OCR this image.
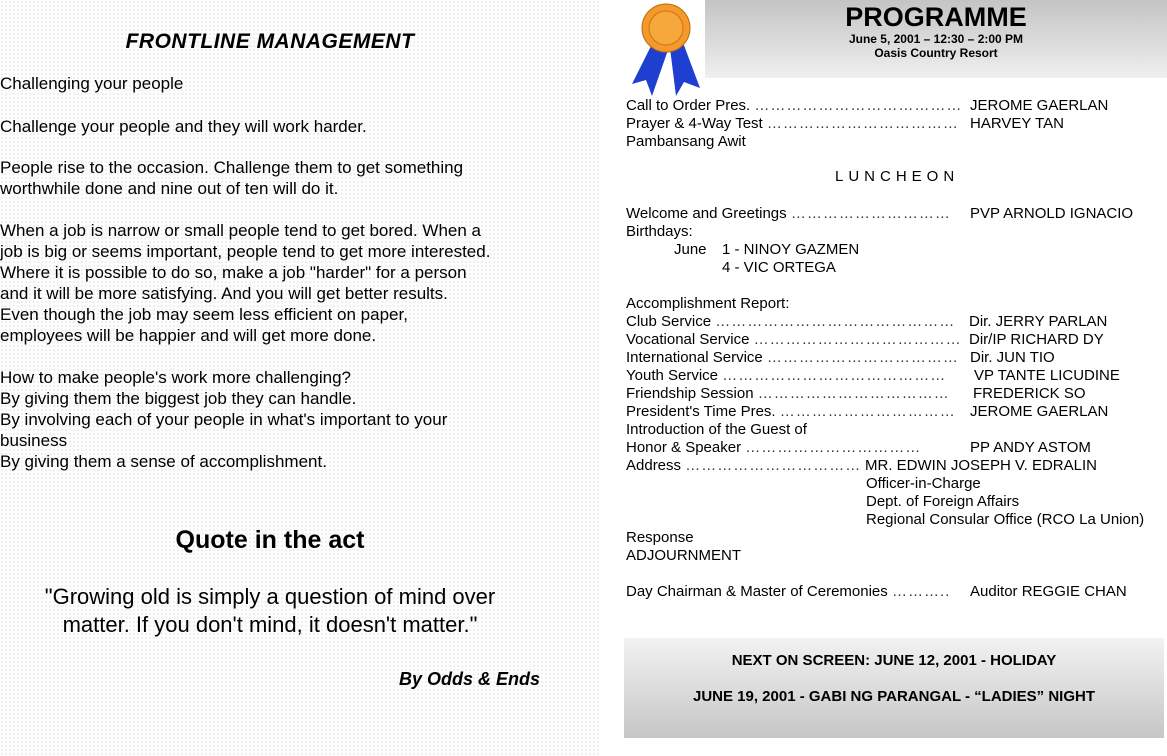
FRONTLINE MANAGEMENT

Challenging your people

Challenge your people and they will work harder.

People rise to the occasion. Challenge them to get something
worthwhile done and nine out of ten will do it.

When a job is narrow or small people tend to get bored. When a
job is big or seems important, people tend to get more interested.
Where it is possible to do so, make a job "harder" for a person
and it will be more satisfying. And you will get better results.
Even though the job may seem less efficient on paper,
employees will be happier and will get more done.

How to make people's work more challenging?
By giving them the biggest job they can handle.
By involving each of your people in what's important to your
business
By giving them a sense of accomplishment.

Quote in the act
"Growing old is simply a question of mind over
matter. If you don't mind, it doesn't matter."
By Odds & Ends
PROGRAMME
June 5, 2001 – 12:30 – 2:00 PM
Oasis Country Resort
Call to Order Pres. ………………………………… JEROME GAERLAN
Prayer & 4-Way Test ……………………………… HARVEY TAN
Pambansang Awit
LUNCHEON
Welcome and Greetings ………………………… PVP ARNOLD IGNACIO
Birthdays:
June 1 - NINOY GAZMEN
4 - VIC ORTEGA
Accomplishment Report:
Club Service ……………………………………… Dir. JERRY PARLAN
Vocational Service ………………………………… Dir/IP RICHARD DY
International Service ……………………………… Dir. JUN TIO
Youth Service …………………………………… VP TANTE LICUDINE
Friendship Session ……………………………… FREDERICK SO
President's Time Pres. …………………………… JEROME GAERLAN
Introduction of the Guest of
Honor & Speaker ……………………………	PP ANDY ASTOM
Address …………………………… MR. EDWIN JOSEPH V. EDRALIN
Officer-in-Charge
Dept. of Foreign Affairs
Regional Consular Office (RCO La Union)
Response
ADJOURNMENT
Day Chairman & Master of Ceremonies ……….. Auditor REGGIE CHAN
NEXT ON SCREEN: JUNE 12, 2001 - HOLIDAY
JUNE 19, 2001 - GABI NG PARANGAL - “LADIES” NIGHT
